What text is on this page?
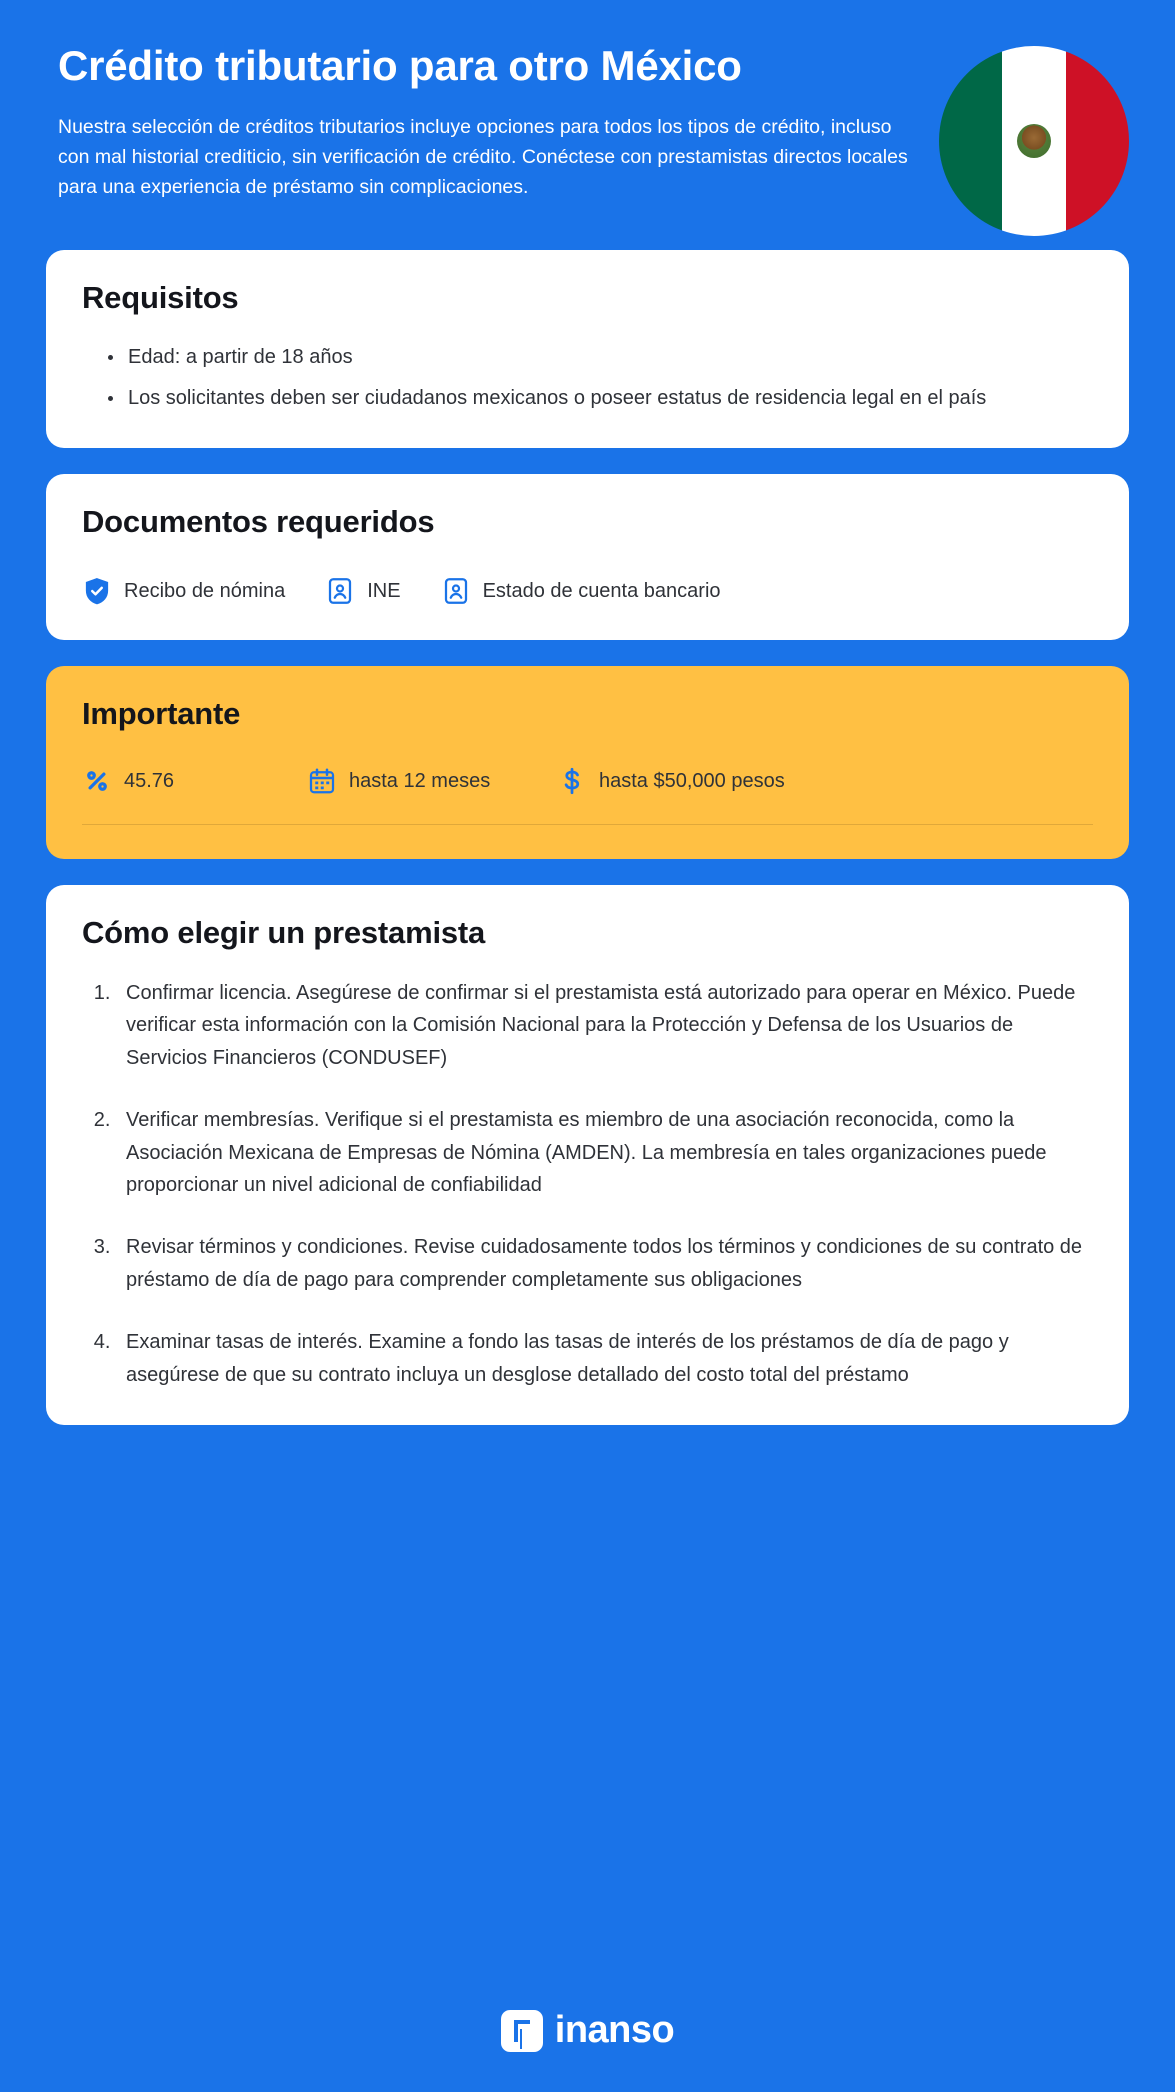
Crédito tributario para otro México

Nuestra selección de créditos tributarios incluye opciones para todos los tipos de crédito, incluso con mal historial crediticio, sin verificación de crédito. Conéctese con prestamistas directos locales para una experiencia de préstamo sin complicaciones.

Requisitos
Edad: a partir de 18 años
Los solicitantes deben ser ciudadanos mexicanos o poseer estatus de residencia legal en el país
Documentos requeridos
Recibo de nómina	INE	Estado de cuenta bancario
Importante
45.76	hasta 12 meses	hasta $50,000 pesos
Cómo elegir un prestamista
1. Confirmar licencia. Asegúrese de confirmar si el prestamista está autorizado para operar en México. Puede verificar esta información con la Comisión Nacional para la Protección y Defensa de los Usuarios de Servicios Financieros (CONDUSEF)
2. Verificar membresías. Verifique si el prestamista es miembro de una asociación reconocida, como la Asociación Mexicana de Empresas de Nómina (AMDEN). La membresía en tales organizaciones puede proporcionar un nivel adicional de confiabilidad
3. Revisar términos y condiciones. Revise cuidadosamente todos los términos y condiciones de su contrato de préstamo de día de pago para comprender completamente sus obligaciones
4. Examinar tasas de interés. Examine a fondo las tasas de interés de los préstamos de día de pago y asegúrese de que su contrato incluya un desglose detallado del costo total del préstamo
inanso
